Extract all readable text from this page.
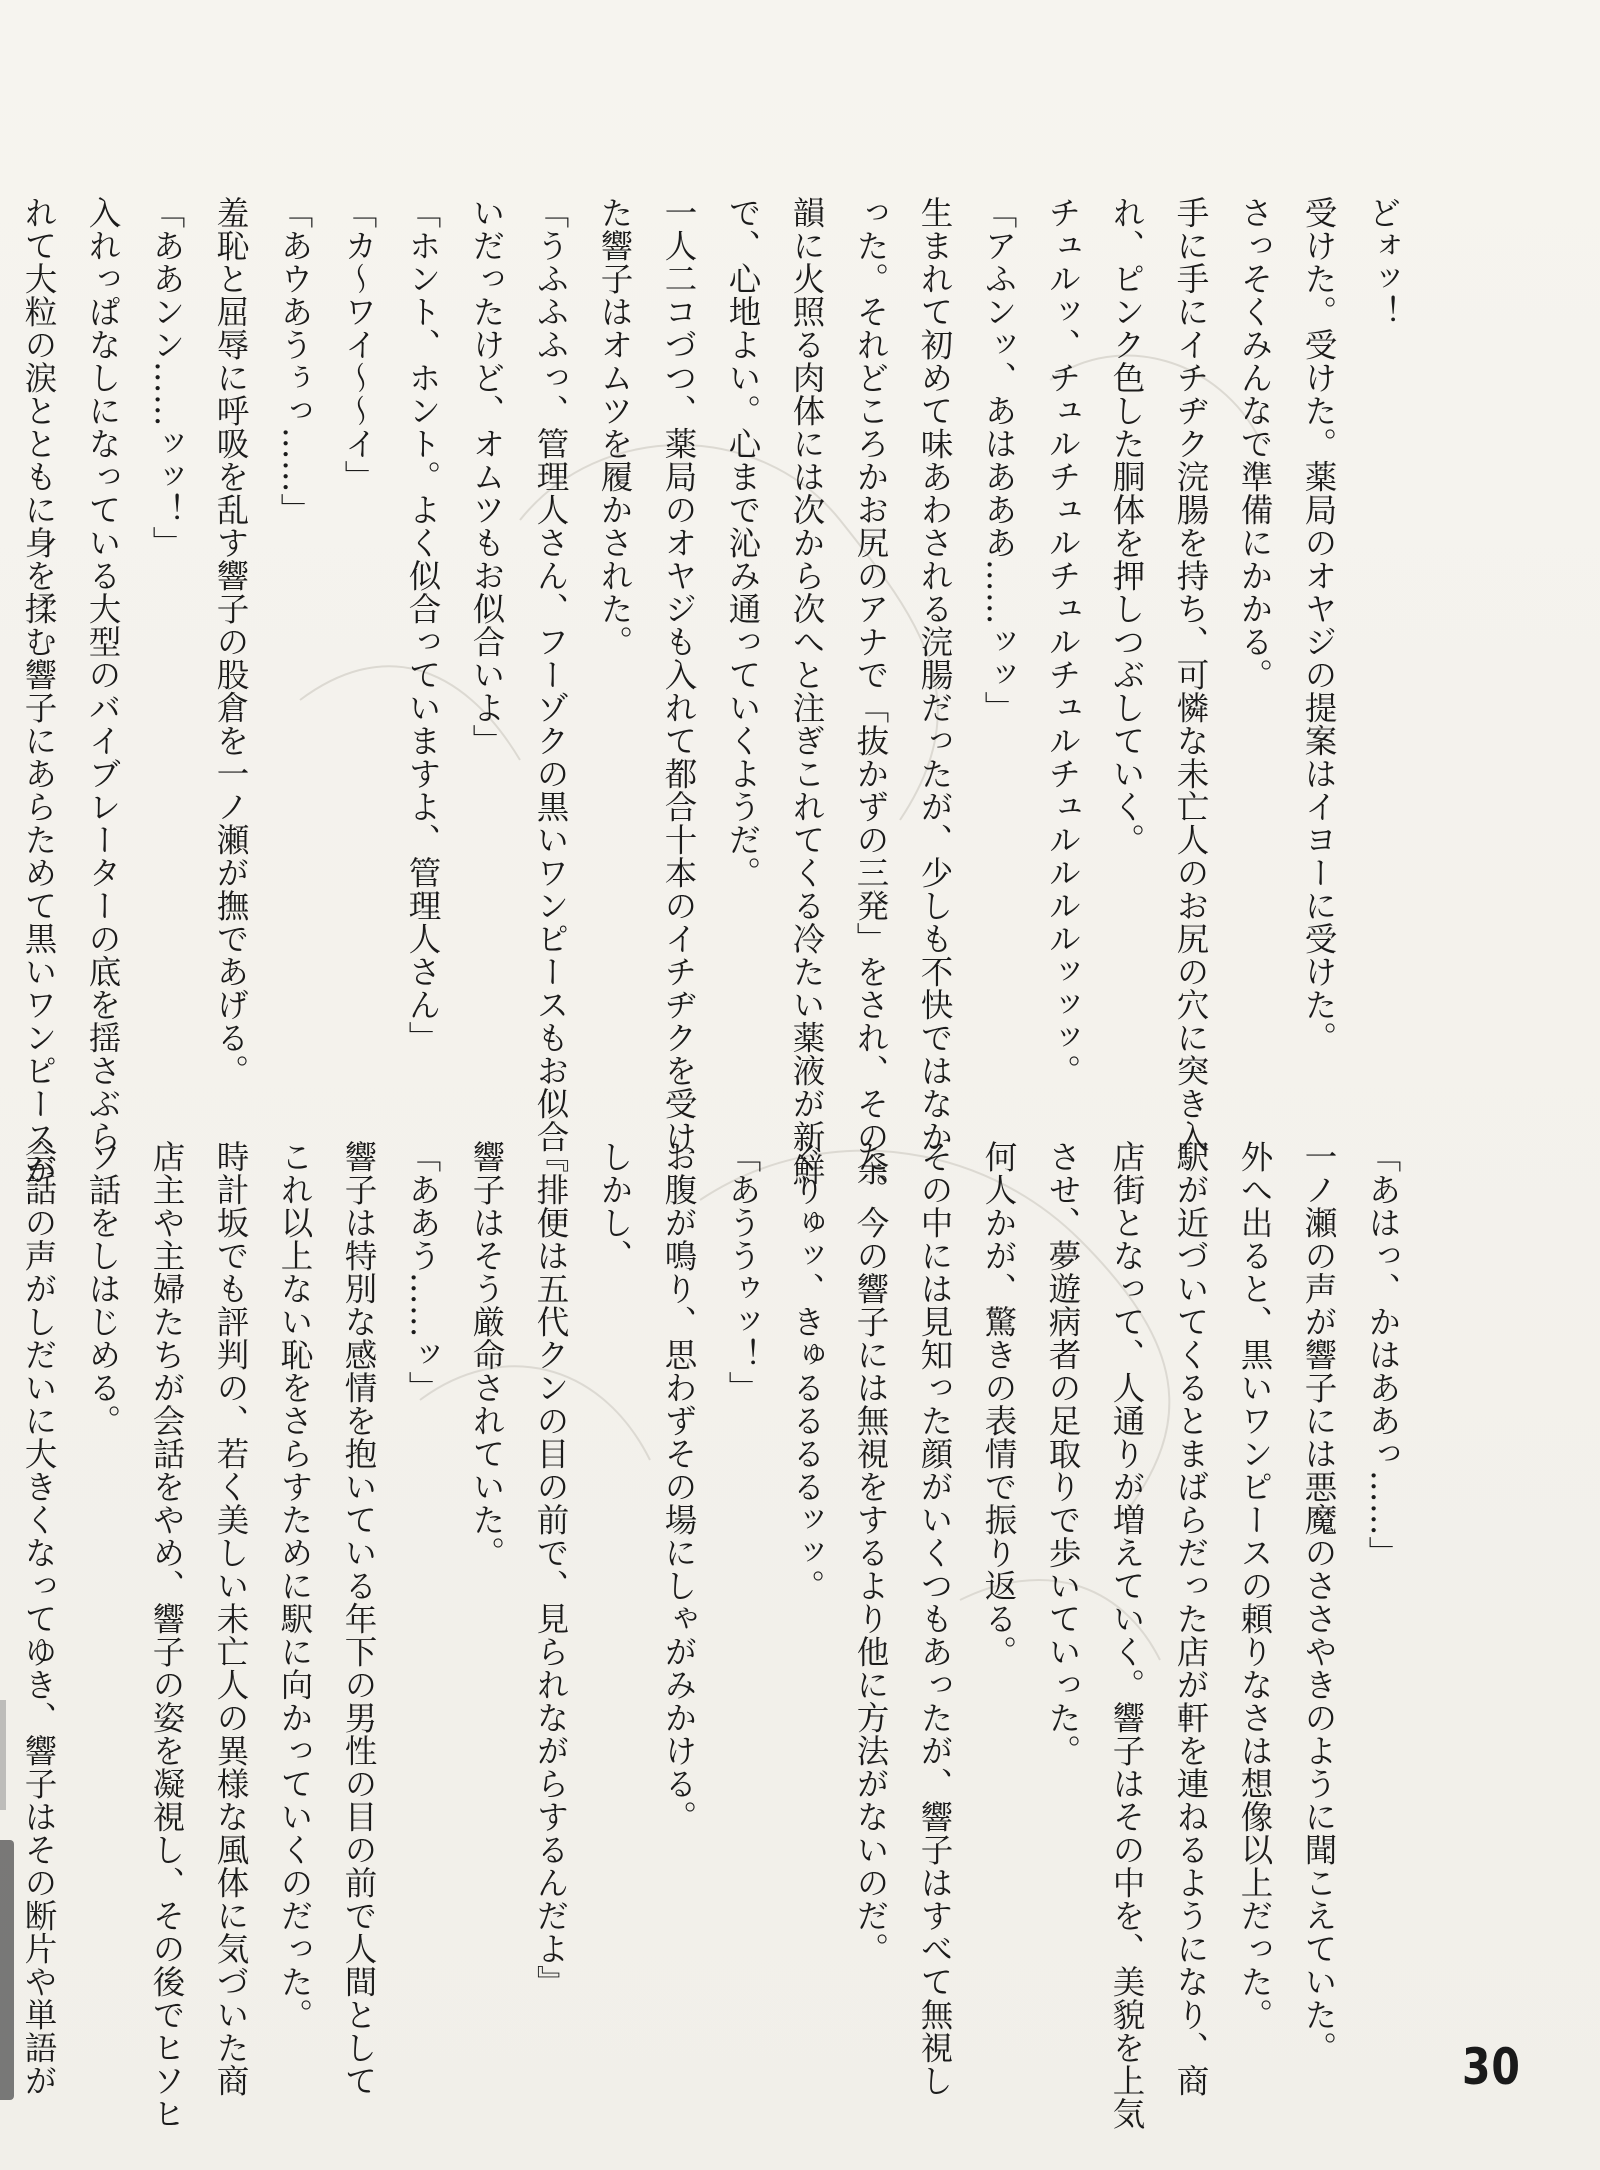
どォッ！

受けた。受けた。薬局のオヤジの提案はイヨーに受けた。

さっそくみんなで準備にかかる。

手に手にイチヂク浣腸を持ち、可憐な未亡人のお尻の穴に突き入

れ、ピンク色した胴体を押しつぶしていく。

チュルッ、チュルチュルチュルチュルチュルルルルッッッ。

「アふンッ、あはあああ……ッッ」

生まれて初めて味あわされる浣腸だったが、少しも不快ではなか

った。それどころかお尻のアナで「抜かずの三発」をされ、その余

韻に火照る肉体には次から次へと注ぎこれてくる冷たい薬液が新鮮

で、心地よい。心まで沁み通っていくようだ。

一人二コづつ、薬局のオヤジも入れて都合十本のイチヂクを受け

た響子はオムツを履かされた。

「うふふふっ、管理人さん、フーゾクの黒いワンピースもお似合

いだったけど、オムツもお似合いよ」

「ホント、ホント。よく似合っていますよ、管理人さん」

「カ〜ワイ〜〜イ」

「あウあうぅっ……」

羞恥と屈辱に呼吸を乱す響子の股倉を一ノ瀬が撫であげる。

「ああンン……ッッ！」

入れっぱなしになっている大型のバイブレーターの底を揺さぶら

れて大粒の涙とともに身を揉む響子にあらためて黒いワンピースが

「あはっ、かはああっ……」

一ノ瀬の声が響子には悪魔のささやきのように聞こえていた。

外へ出ると、黒いワンピースの頼りなさは想像以上だった。

駅が近づいてくるとまばらだった店が軒を連ねるようになり、商

店街となって、人通りが増えていく。響子はその中を、美貌を上気

させ、夢遊病者の足取りで歩いていった。

何人かが、驚きの表情で振り返る。

その中には見知った顔がいくつもあったが、響子はすべて無視し

た。今の響子には無視をするより他に方法がないのだ。

ぐりゅッ、きゅるるるるッッ。

「あううゥッ！」

お腹が鳴り、思わずその場にしゃがみかける。

しかし、

『排便は五代クンの目の前で、見られながらするんだよ』

響子はそう厳命されていた。

「ああう……ッ」

響子は特別な感情を抱いている年下の男性の目の前で人間として

これ以上ない恥をさらすために駅に向かっていくのだった。

時計坂でも評判の、若く美しい未亡人の異様な風体に気づいた商

店主や主婦たちが会話をやめ、響子の姿を凝視し、その後でヒソヒ

ソ話をしはじめる。

会話の声がしだいに大きくなってゆき、響子はその断片や単語が	30
